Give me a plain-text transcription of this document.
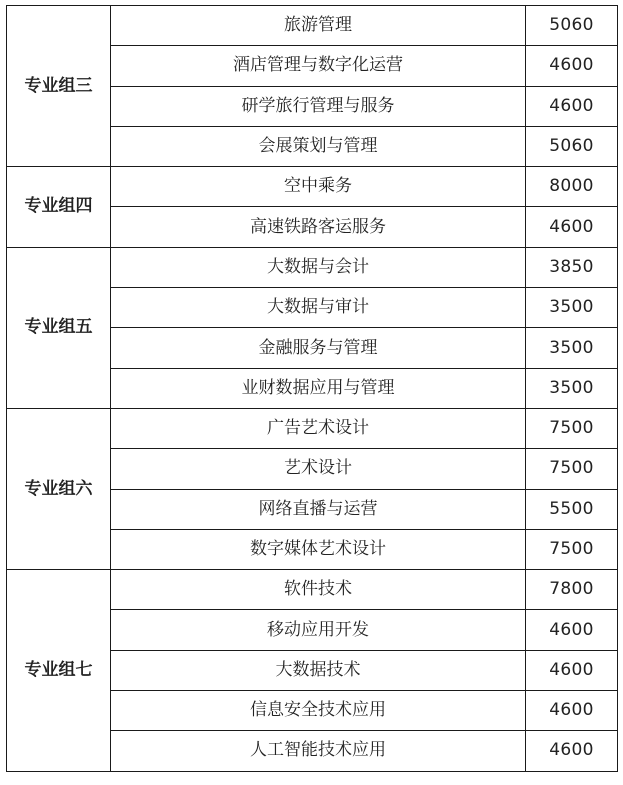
专业组三	旅游管理	5060
	酒店管理与数字化运营	4600
	研学旅行管理与服务	4600
	会展策划与管理	5060
专业组四	空中乘务	8000
	高速铁路客运服务	4600
专业组五	大数据与会计	3850
	大数据与审计	3500
	金融服务与管理	3500
	业财数据应用与管理	3500
专业组六	广告艺术设计	7500
	艺术设计	7500
	网络直播与运营	5500
	数字媒体艺术设计	7500
专业组七	软件技术	7800
	移动应用开发	4600
	大数据技术	4600
	信息安全技术应用	4600
	人工智能技术应用	4600
